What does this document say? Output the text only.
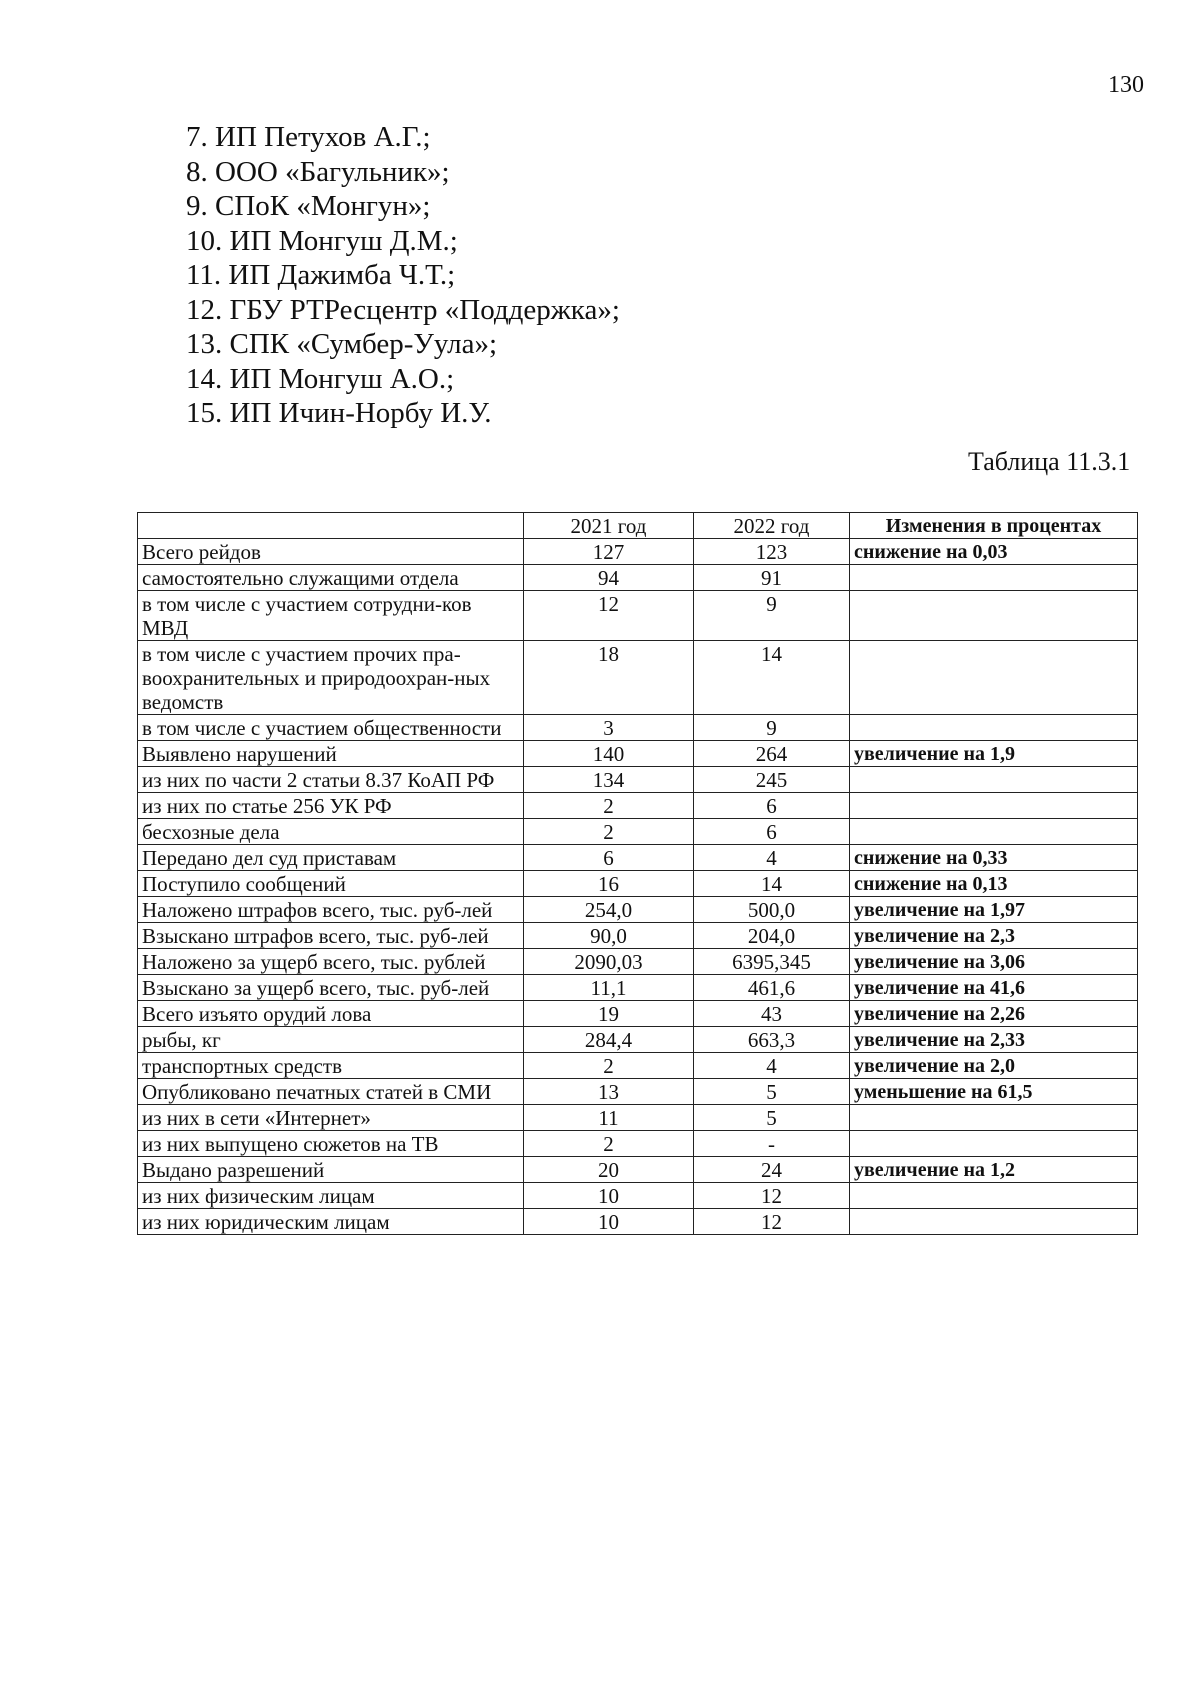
130
7. ИП Петухов А.Г.;
8. ООО «Багульник»;
9. СПоК «Монгун»;
10. ИП Монгуш Д.М.;
11. ИП Дажимба Ч.Т.;
12. ГБУ РТРесцентр «Поддержка»;
13. СПК «Сумбер-Уула»;
14. ИП Монгуш А.О.;
15. ИП Ичин-Норбу И.У.
Таблица 11.3.1
	2021 год	2022 год	Изменения в процентах
Всего рейдов	127	123	снижение на 0,03
самостоятельно служащими отдела	94	91	
в том числе с участием сотрудни-ков МВД	12	9	
в том числе с участием прочих пра-воохранительных и природоохран-ных ведомств	18	14	
в том числе с участием общественности	3	9	
Выявлено нарушений	140	264	увеличение на 1,9
из них по части 2 статьи 8.37 КоАП РФ	134	245	
из них по статье 256 УК РФ	2	6	
бесхозные дела	2	6	
Передано дел суд приставам	6	4	снижение на 0,33
Поступило сообщений	16	14	снижение на 0,13
Наложено штрафов всего, тыс. руб-лей	254,0	500,0	увеличение на 1,97
Взыскано штрафов всего, тыс. руб-лей	90,0	204,0	увеличение на 2,3
Наложено за ущерб всего, тыс. рублей	2090,03	6395,345	увеличение на 3,06
Взыскано за ущерб всего, тыс. руб-лей	11,1	461,6	увеличение на 41,6
Всего изъято орудий лова	19	43	увеличение на 2,26
рыбы, кг	284,4	663,3	увеличение на 2,33
транспортных средств	2	4	увеличение на 2,0
Опубликовано печатных статей в СМИ	13	5	уменьшение на 61,5
из них в сети «Интернет»	11	5	
из них выпущено сюжетов на ТВ	2	-	
Выдано разрешений	20	24	увеличение на 1,2
из них физическим лицам	10	12	
из них юридическим лицам	10	12	
